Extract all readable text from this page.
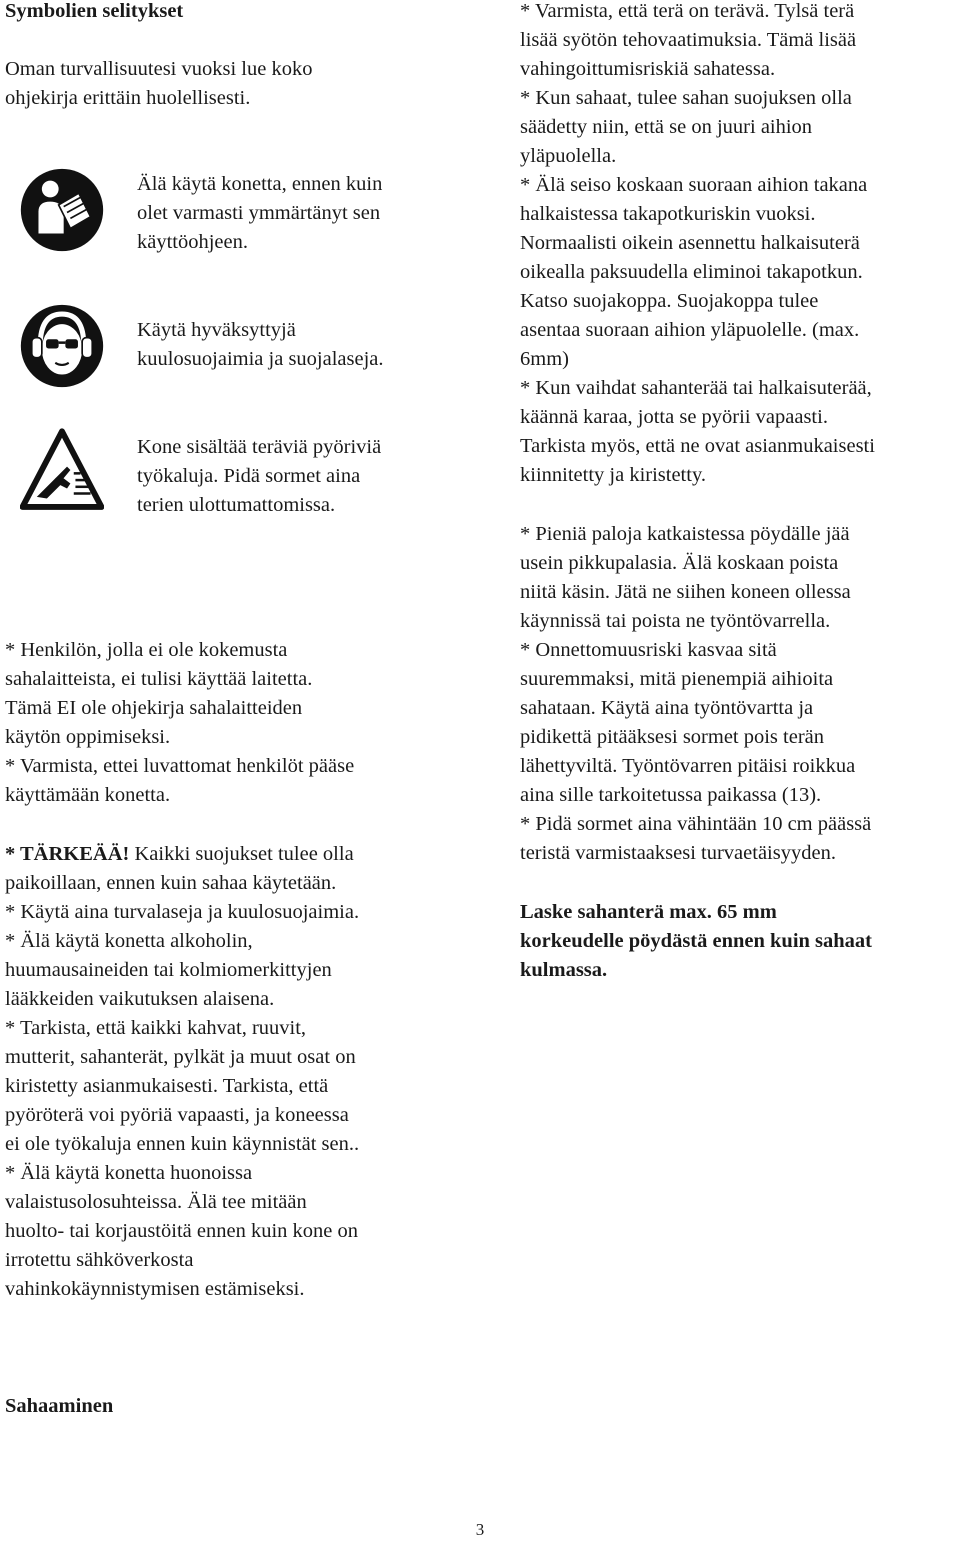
Symbolien selitykset

Oman turvallisuutesi vuoksi lue koko

ohjekirja erittäin huolellisesti.

Älä käytä konetta, ennen kuin

olet varmasti ymmärtänyt sen

käyttöohjeen.

Käytä hyväksyttyjä

kuulosuojaimia ja suojalaseja.

Kone sisältää teräviä pyöriviä

työkaluja. Pidä sormet aina

terien ulottumattomissa.

* Henkilön, jolla ei ole kokemusta

sahalaitteista, ei tulisi käyttää laitetta.

Tämä EI ole ohjekirja sahalaitteiden

käytön oppimiseksi.

* Varmista, ettei luvattomat henkilöt pääse

käyttämään konetta.

* TÄRKEÄÄ! Kaikki suojukset tulee olla

paikoillaan, ennen kuin sahaa käytetään.

* Käytä aina turvalaseja ja kuulosuojaimia.

* Älä käytä konetta alkoholin,

huumausaineiden tai kolmiomerkittyjen

lääkkeiden vaikutuksen alaisena.

* Tarkista, että kaikki kahvat, ruuvit,

mutterit, sahanterät, pylkät ja muut osat on

kiristetty asianmukaisesti. Tarkista, että

pyöröterä voi pyöriä vapaasti, ja koneessa

ei ole työkaluja ennen kuin käynnistät sen..

* Älä käytä konetta huonoissa

valaistusolosuhteissa. Älä tee mitään

huolto- tai korjaustöitä ennen kuin kone on

irrotettu sähköverkosta

vahinkokäynnistymisen estämiseksi.

Sahaaminen

* Varmista, että terä on terävä. Tylsä terä

lisää syötön tehovaatimuksia. Tämä lisää

vahingoittumisriskiä sahatessa.

* Kun sahaat, tulee sahan suojuksen olla

säädetty niin, että se on juuri aihion

yläpuolella.

* Älä seiso koskaan suoraan aihion takana

halkaistessa takapotkuriskin vuoksi.

Normaalisti oikein asennettu halkaisuterä

oikealla paksuudella eliminoi takapotkun.

Katso suojakoppa. Suojakoppa tulee

asentaa suoraan aihion yläpuolelle. (max.

6mm)

* Kun vaihdat sahanterää tai halkaisuterää,

käännä karaa, jotta se pyörii vapaasti.

Tarkista myös, että ne ovat asianmukaisesti

kiinnitetty ja kiristetty.

* Pieniä paloja katkaistessa pöydälle jää

usein pikkupalasia. Älä koskaan poista

niitä käsin. Jätä ne siihen koneen ollessa

käynnissä tai poista ne työntövarrella.

* Onnettomuusriski kasvaa sitä

suuremmaksi, mitä pienempiä aihioita

sahataan. Käytä aina työntövartta ja

pidikettä pitääksesi sormet pois terän

lähettyviltä. Työntövarren pitäisi roikkua

aina sille tarkoitetussa paikassa (13).

* Pidä sormet aina vähintään 10 cm päässä

teristä varmistaaksesi turvaetäisyyden.

Laske sahanterä max. 65 mm

korkeudelle pöydästä ennen kuin sahaat

kulmassa.

3
